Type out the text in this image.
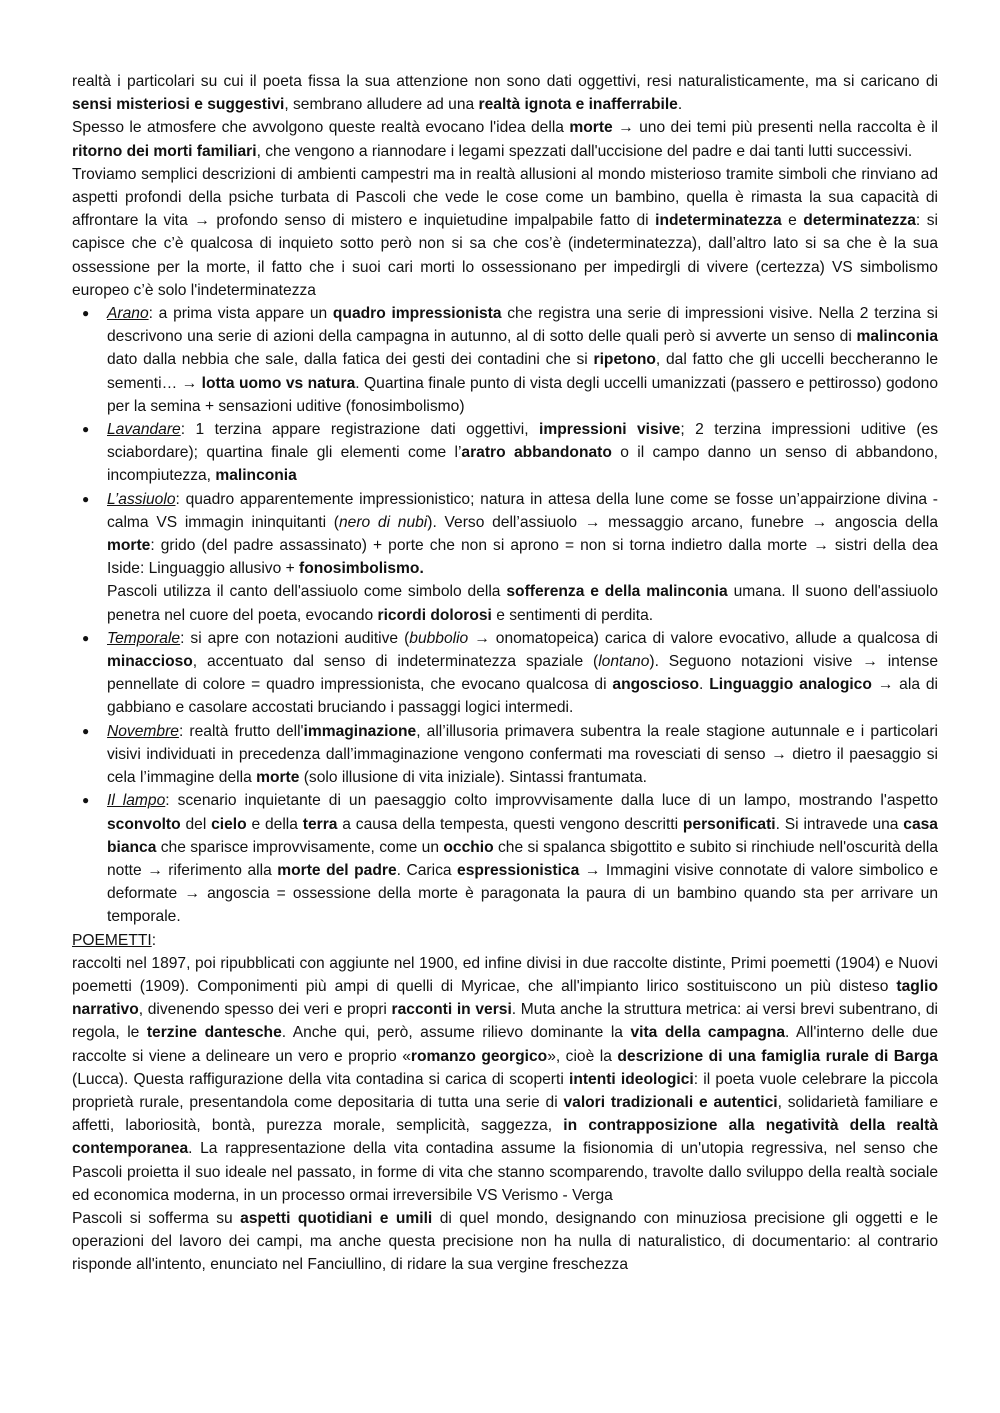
realtà i particolari su cui il poeta fissa la sua attenzione non sono dati oggettivi, resi naturalisticamente, ma si caricano di sensi misteriosi e suggestivi, sembrano alludere ad una realtà ignota e inafferrabile.
Spesso le atmosfere che avvolgono queste realtà evocano l'idea della morte → uno dei temi più presenti nella raccolta è il ritorno dei morti familiari, che vengono a riannodare i legami spezzati dall'uccisione del padre e dai tanti lutti successivi.
Troviamo semplici descrizioni di ambienti campestri ma in realtà allusioni al mondo misterioso tramite simboli che rinviano ad aspetti profondi della psiche turbata di Pascoli che vede le cose come un bambino, quella è rimasta la sua capacità di affrontare la vita → profondo senso di mistero e inquietudine impalpabile fatto di indeterminatezza e determinatezza: si capisce che c’è qualcosa di inquieto sotto però non si sa che cos’è (indeterminatezza), dall’altro lato si sa che è la sua ossessione per la morte, il fatto che i suoi cari morti lo ossessionano per impedirgli di vivere (certezza) VS simbolismo europeo c’è solo l'indeterminatezza
● Arano: a prima vista appare un quadro impressionista che registra una serie di impressioni visive. Nella 2 terzina si descrivono una serie di azioni della campagna in autunno, al di sotto delle quali però si avverte un senso di malinconia dato dalla nebbia che sale, dalla fatica dei gesti dei contadini che si ripetono, dal fatto che gli uccelli beccheranno le sementi… → lotta uomo vs natura. Quartina finale punto di vista degli uccelli umanizzati (passero e pettirosso) godono per la semina + sensazioni uditive (fonosimbolismo)
● Lavandare: 1 terzina appare registrazione dati oggettivi, impressioni visive; 2 terzina impressioni uditive (es sciabordare); quartina finale gli elementi come l’aratro abbandonato o il campo danno un senso di abbandono, incompiutezza, malinconia
● L’assiuolo: quadro apparentemente impressionistico; natura in attesa della lune come se fosse un’appairzione divina - calma VS immagin ininquitanti (nero di nubi). Verso dell’assiuolo → messaggio arcano, funebre → angoscia della morte: grido (del padre assassinato) + porte che non si aprono = non si torna indietro dalla morte → sistri della dea Iside: Linguaggio allusivo + fonosimbolismo.
Pascoli utilizza il canto dell'assiuolo come simbolo della sofferenza e della malinconia umana. Il suono dell'assiuolo penetra nel cuore del poeta, evocando ricordi dolorosi e sentimenti di perdita.
● Temporale: si apre con notazioni auditive (bubbolio → onomatopeica) carica di valore evocativo, allude a qualcosa di minaccioso, accentuato dal senso di indeterminatezza spaziale (lontano). Seguono notazioni visive → intense pennellate di colore = quadro impressionista, che evocano qualcosa di angoscioso. Linguaggio analogico → ala di gabbiano e casolare accostati bruciando i passaggi logici intermedi.
● Novembre: realtà frutto dell'immaginazione, all’illusoria primavera subentra la reale stagione autunnale e i particolari visivi individuati in precedenza dall’immaginazione vengono confermati ma rovesciati di senso → dietro il paesaggio si cela l’immagine della morte (solo illusione di vita iniziale). Sintassi frantumata.
● Il lampo: scenario inquietante di un paesaggio colto improvvisamente dalla luce di un lampo, mostrando l'aspetto sconvolto del cielo e della terra a causa della tempesta, questi vengono descritti personificati. Si intravede una casa bianca che sparisce improvvisamente, come un occhio che si spalanca sbigottito e subito si rinchiude nell'oscurità della notte → riferimento alla morte del padre. Carica espressionistica → Immagini visive connotate di valore simbolico e deformate → angoscia = ossessione della morte è paragonata la paura di un bambino quando sta per arrivare un temporale.
POEMETTI:
raccolti nel 1897, poi ripubblicati con aggiunte nel 1900, ed infine divisi in due raccolte distinte, Primi poemetti (1904) e Nuovi poemetti (1909). Componimenti più ampi di quelli di Myricae, che all'impianto lirico sostituiscono un più disteso taglio narrativo, divenendo spesso dei veri e propri racconti in versi. Muta anche la struttura metrica: ai versi brevi subentrano, di regola, le terzine dantesche. Anche qui, però, assume rilievo dominante la vita della campagna. All'interno delle due raccolte si viene a delineare un vero e proprio «romanzo georgico», cioè la descrizione di una famiglia rurale di Barga (Lucca). Questa raffigurazione della vita contadina si carica di scoperti intenti ideologici: il poeta vuole celebrare la piccola proprietà rurale, presentandola come depositaria di tutta una serie di valori tradizionali e autentici, solidarietà familiare e affetti, laboriosità, bontà, purezza morale, semplicità, saggezza, in contrapposizione alla negatività della realtà contemporanea. La rappresentazione della vita contadina assume la fisionomia di un'utopia regressiva, nel senso che Pascoli proietta il suo ideale nel passato, in forme di vita che stanno scomparendo, travolte dallo sviluppo della realtà sociale ed economica moderna, in un processo ormai irreversibile VS Verismo - Verga
Pascoli si sofferma su aspetti quotidiani e umili di quel mondo, designando con minuziosa precisione gli oggetti e le operazioni del lavoro dei campi, ma anche questa precisione non ha nulla di naturalistico, di documentario: al contrario risponde all'intento, enunciato nel Fanciullino, di ridare la sua vergine freschezza
